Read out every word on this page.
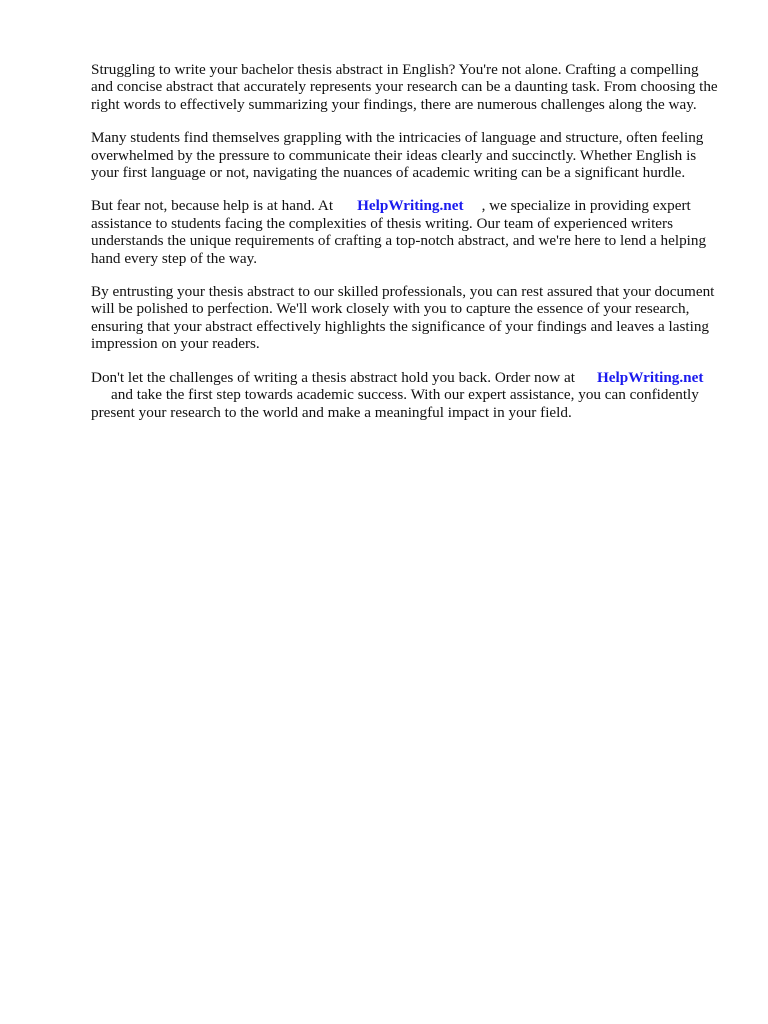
Struggling to write your bachelor thesis abstract in English? You're not alone. Crafting a compelling and concise abstract that accurately represents your research can be a daunting task. From choosing the right words to effectively summarizing your findings, there are numerous challenges along the way.

Many students find themselves grappling with the intricacies of language and structure, often feeling overwhelmed by the pressure to communicate their ideas clearly and succinctly. Whether English is your first language or not, navigating the nuances of academic writing can be a significant hurdle.

But fear not, because help is at hand. At HelpWriting.net , we specialize in providing expert assistance to students facing the complexities of thesis writing. Our team of experienced writers understands the unique requirements of crafting a top-notch abstract, and we're here to lend a helping hand every step of the way.

By entrusting your thesis abstract to our skilled professionals, you can rest assured that your document will be polished to perfection. We'll work closely with you to capture the essence of your research, ensuring that your abstract effectively highlights the significance of your findings and leaves a lasting impression on your readers.

Don't let the challenges of writing a thesis abstract hold you back. Order now at HelpWriting.net
and take the first step towards academic success. With our expert assistance, you can confidently present your research to the world and make a meaningful impact in your field.
